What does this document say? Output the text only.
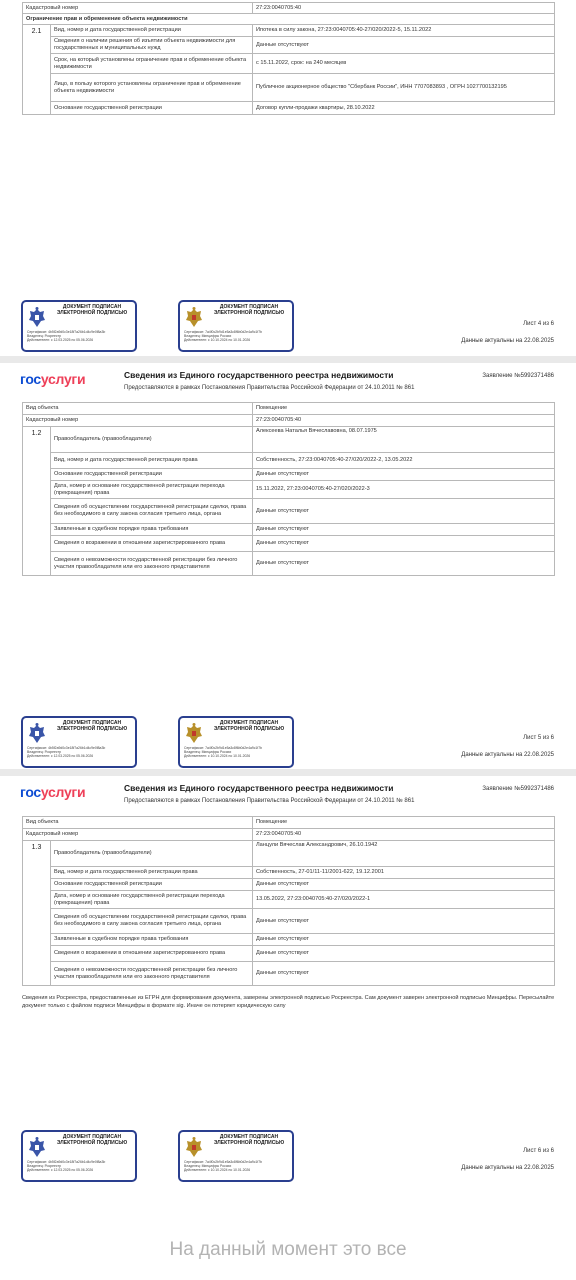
Кадастровый номер		27:23:0040705:40
Ограничение прав и обременение объекта недвижимости		
2.1	Вид, номер и дата государственной регистрации	Ипотека в силу закона, 27:23:0040705:40-27/020/2022-5, 15.11.2022
	Сведения о наличии решения об изъятии объекта недвижимости для государственных и муниципальных нужд	Данные отсутствуют
	Срок, на который установлены ограничение прав и обременение объекта недвижимости	с 15.11.2022, срок: на 240 месяцев
	Лицо, в пользу которого установлены ограничение прав и обременение объекта недвижимости	Публичное акционерное общество "Сбербанк России", ИНН 7707083893 , ОГРН 1027700132195
	Основание государственной регистрации	Договор купли-продажи квартиры, 28.10.2022
ДОКУМЕНТ ПОДПИСАН ЭЛЕКТРОННОЙ ПОДПИСЬЮ
Сертификат: 4b5f2a9d0c3e18f7a26b1d4c9e0f8a3b
Владелец: Росреестр
Действителен: с 12.03.2025 по 05.06.2026
ДОКУМЕНТ ПОДПИСАН ЭЛЕКТРОННОЙ ПОДПИСЬЮ
Сертификат: 7a4f0c2b9d1e5a3c8f6b0d2e4a9c1f7b
Владелец: Минцифры России
Действителен: с 10.10.2024 по 10.01.2026
Лист 4 из 6
Данные актуальны на 22.08.2025
госуслуги	Сведения из Единого государственного реестра недвижимости
Предоставляются в рамках Постановления Правительства Российской Федерации от 24.10.2011 № 861
Заявление №5992371486
Вид объекта		Помещение
Кадастровый номер		27:23:0040705:40
1.2	Правообладатель (правообладатели)	Алексеева Наталья Вячеславовна, 08.07.1975
	Вид, номер и дата государственной регистрации права	Собственность, 27:23:0040705:40-27/020/2022-2, 13.05.2022
	Основание государственной регистрации	Данные отсутствуют
	Дата, номер и основание государственной регистрации перехода (прекращения) права	15.11.2022, 27:23:0040705:40-27/020/2022-3
	Сведения об осуществлении государственной регистрации сделки, права без необходимого в силу закона согласия третьего лица, органа	Данные отсутствуют
	Заявленные в судебном порядке права требования	Данные отсутствуют
	Сведения о возражении в отношении зарегистрированного права	Данные отсутствуют
	Сведения о невозможности государственной регистрации без личного участия правообладателя или его законного представителя	Данные отсутствуют
ДОКУМЕНТ ПОДПИСАН ЭЛЕКТРОННОЙ ПОДПИСЬЮ
Сертификат: 4b5f2a9d0c3e18f7a26b1d4c9e0f8a3b
Владелец: Росреестр
Действителен: с 12.03.2025 по 05.06.2026
ДОКУМЕНТ ПОДПИСАН ЭЛЕКТРОННОЙ ПОДПИСЬЮ
Сертификат: 7a4f0c2b9d1e5a3c8f6b0d2e4a9c1f7b
Владелец: Минцифры России
Действителен: с 10.10.2024 по 10.01.2026
Лист 5 из 6
Данные актуальны на 22.08.2025
госуслуги	Сведения из Единого государственного реестра недвижимости
Предоставляются в рамках Постановления Правительства Российской Федерации от 24.10.2011 № 861
Заявление №5992371486
Вид объекта		Помещение
Кадастровый номер		27:23:0040705:40
1.3	Правообладатель (правообладатели)	Ланцули Вячеслав Александрович, 26.10.1942
	Вид, номер и дата государственной регистрации права	Собственность, 27-01/11-11/2001-622, 19.12.2001
	Основание государственной регистрации	Данные отсутствуют
	Дата, номер и основание государственной регистрации перехода (прекращения) права	13.05.2022, 27:23:0040705:40-27/020/2022-1
	Сведения об осуществлении государственной регистрации сделки, права без необходимого в силу закона согласия третьего лица, органа	Данные отсутствуют
	Заявленные в судебном порядке права требования	Данные отсутствуют
	Сведения о возражении в отношении зарегистрированного права	Данные отсутствуют
	Сведения о невозможности государственной регистрации без личного участия правообладателя или его законного представителя	Данные отсутствуют
Сведения из Росреестра, предоставленные из ЕГРН для формирования документа, заверены электронной подписью Росреестра. Сам документ заверен электронной подписью Минцифры. Пересылайте документ только с файлом подписи Минцифры в формате sig. Иначе он потеряет юридическую силу
ДОКУМЕНТ ПОДПИСАН ЭЛЕКТРОННОЙ ПОДПИСЬЮ
Сертификат: 4b5f2a9d0c3e18f7a26b1d4c9e0f8a3b
Владелец: Росреестр
Действителен: с 12.03.2025 по 05.06.2026
ДОКУМЕНТ ПОДПИСАН ЭЛЕКТРОННОЙ ПОДПИСЬЮ
Сертификат: 7a4f0c2b9d1e5a3c8f6b0d2e4a9c1f7b
Владелец: Минцифры России
Действителен: с 10.10.2024 по 10.01.2026
Лист 6 из 6
Данные актуальны на 22.08.2025
На данный момент это все
